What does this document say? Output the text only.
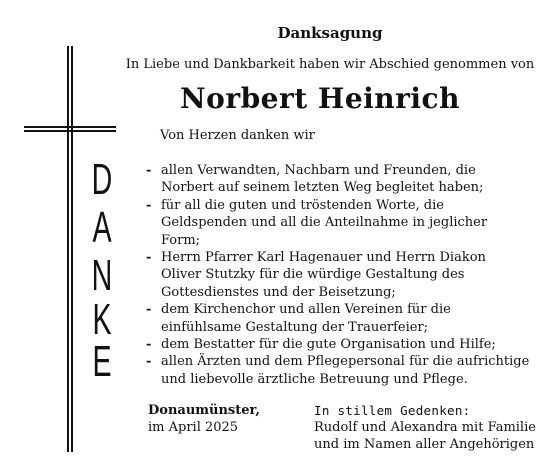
D
A
N
K
E
Danksagung
In Liebe und Dankbarkeit haben wir Abschied genommen von
Norbert Heinrich
Von Herzen danken wir
- allen Verwandten, Nachbarn und Freunden, die
Norbert auf seinem letzten Weg begleitet haben;
- für all die guten und tröstenden Worte, die
Geldspenden und all die Anteilnahme in jeglicher
Form;
- Herrn Pfarrer Karl Hagenauer und Herrn Diakon
Oliver Stutzky für die würdige Gestaltung des
Gottesdienstes und der Beisetzung;
- dem Kirchenchor und allen Vereinen für die
einfühlsame Gestaltung der Trauerfeier;
- dem Bestatter für die gute Organisation und Hilfe;
- allen Ärzten und dem Pflegepersonal für die aufrichtige
und liebevolle ärztliche Betreuung und Pflege.
Donaumünster,
im April 2025
In stillem Gedenken:
Rudolf und Alexandra mit Familie
und im Namen aller Angehörigen
